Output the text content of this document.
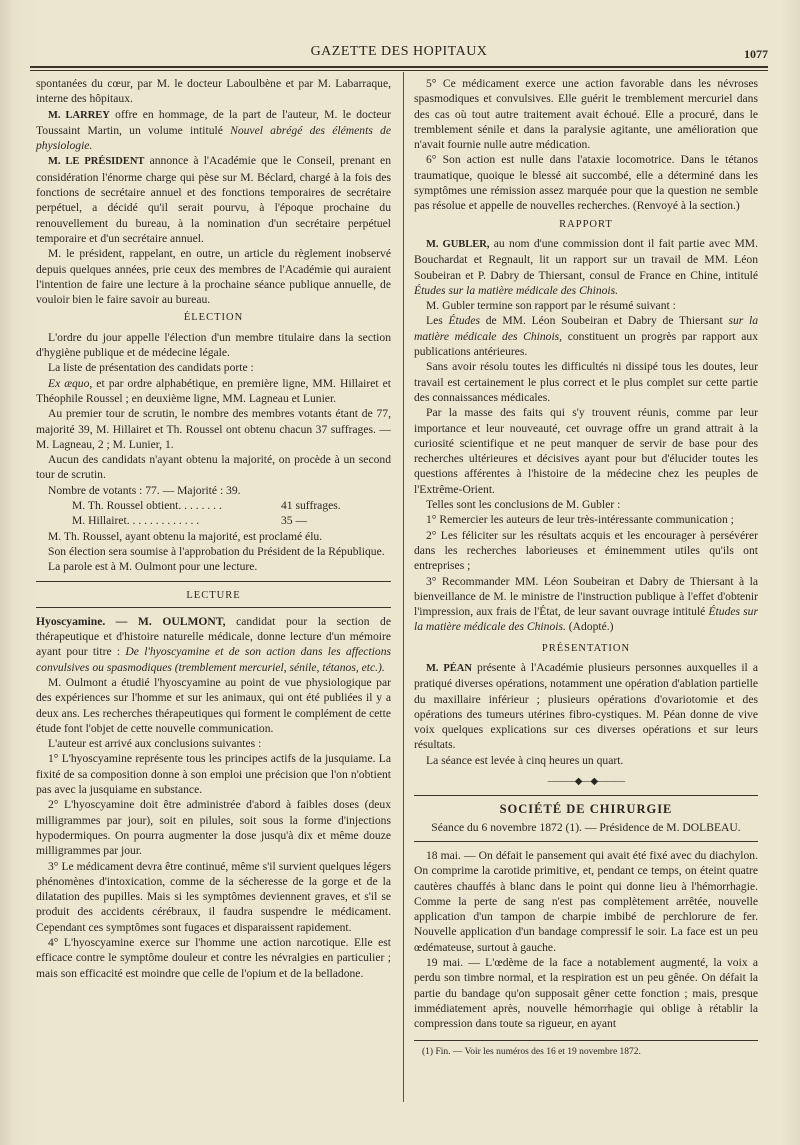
GAZETTE DES HOPITAUX	1077

spontanées du cœur, par M. le docteur Laboulbène et par M. Labarraque, interne des hôpitaux.

M. LARREY offre en hommage, de la part de l'auteur, M. le docteur Toussaint Martin, un volume intitulé Nouvel abrégé des éléments de physiologie.

M. LE PRÉSIDENT annonce à l'Académie que le Conseil, prenant en considération l'énorme charge qui pèse sur M. Béclard, chargé à la fois des fonctions de secrétaire annuel et des fonctions temporaires de secrétaire perpétuel, a décidé qu'il serait pourvu, à l'époque prochaine du renouvellement du bureau, à la nomination d'un secrétaire perpétuel temporaire et d'un secrétaire annuel.

M. le président, rappelant, en outre, un article du règlement inobservé depuis quelques années, prie ceux des membres de l'Académie qui auraient l'intention de faire une lecture à la prochaine séance publique annuelle, de vouloir bien le faire savoir au bureau.

ÉLECTION

L'ordre du jour appelle l'élection d'un membre titulaire dans la section d'hygiène publique et de médecine légale.

La liste de présentation des candidats porte :

Ex æquo, et par ordre alphabétique, en première ligne, MM. Hillairet et Théophile Roussel ; en deuxième ligne, MM. Lagneau et Lunier.

Au premier tour de scrutin, le nombre des membres votants étant de 77, majorité 39, M. Hillairet et Th. Roussel ont obtenu chacun 37 suffrages. — M. Lagneau, 2 ; M. Lunier, 1.

Aucun des candidats n'ayant obtenu la majorité, on procède à un second tour de scrutin.

Nombre de votants : 77. — Majorité : 39.

M. Th. Roussel obtient. . . . . . . .	41 suffrages.
M. Hillairet. . . . . . . . . . . . .	35 —

M. Th. Roussel, ayant obtenu la majorité, est proclamé élu.

Son élection sera soumise à l'approbation du Président de la République.

La parole est à M. Oulmont pour une lecture.

LECTURE

Hyoscyamine. — M. OULMONT, candidat pour la section de thérapeutique et d'histoire naturelle médicale, donne lecture d'un mémoire ayant pour titre : De l'hyoscyamine et de son action dans les affections convulsives ou spasmodiques (tremblement mercuriel, sénile, tétanos, etc.).

M. Oulmont a étudié l'hyoscyamine au point de vue physiologique par des expériences sur l'homme et sur les animaux, qui ont été publiées il y a deux ans. Les recherches thérapeutiques qui forment le complément de cette étude font l'objet de cette nouvelle communication.

L'auteur est arrivé aux conclusions suivantes :

1° L'hyoscyamine représente tous les principes actifs de la jusquiame. La fixité de sa composition donne à son emploi une précision que l'on n'obtient pas avec la jusquiame en substance.

2° L'hyoscyamine doit être administrée d'abord à faibles doses (deux milligrammes par jour), soit en pilules, soit sous la forme d'injections hypodermiques. On pourra augmenter la dose jusqu'à dix et même douze milligrammes par jour.

3° Le médicament devra être continué, même s'il survient quelques légers phénomènes d'intoxication, comme de la sécheresse de la gorge et de la dilatation des pupilles. Mais si les symptômes deviennent graves, et s'il se produit des accidents cérébraux, il faudra suspendre le médicament. Cependant ces symptômes sont fugaces et disparaissent rapidement.

4° L'hyoscyamine exerce sur l'homme une action narcotique. Elle est efficace contre le symptôme douleur et contre les névralgies en particulier ; mais son efficacité est moindre que celle de l'opium et de la belladone.

5° Ce médicament exerce une action favorable dans les névroses spasmodiques et convulsives. Elle guérit le tremblement mercuriel dans des cas où tout autre traitement avait échoué. Elle a procuré, dans le tremblement sénile et dans la paralysie agitante, une amélioration que n'avait fournie nulle autre médication.

6° Son action est nulle dans l'ataxie locomotrice. Dans le tétanos traumatique, quoique le blessé ait succombé, elle a déterminé dans les symptômes une rémission assez marquée pour que la question ne semble pas résolue et appelle de nouvelles recherches. (Renvoyé à la section.)

RAPPORT

M. GUBLER, au nom d'une commission dont il fait partie avec MM. Bouchardat et Regnault, lit un rapport sur un travail de MM. Léon Soubeiran et P. Dabry de Thiersant, consul de France en Chine, intitulé Études sur la matière médicale des Chinois.

M. Gubler termine son rapport par le résumé suivant :

Les Études de MM. Léon Soubeiran et Dabry de Thiersant sur la matière médicale des Chinois, constituent un progrès par rapport aux publications antérieures.

Sans avoir résolu toutes les difficultés ni dissipé tous les doutes, leur travail est certainement le plus correct et le plus complet sur cette partie des connaissances médicales.

Par la masse des faits qui s'y trouvent réunis, comme par leur importance et leur nouveauté, cet ouvrage offre un grand attrait à la curiosité scientifique et ne peut manquer de servir de base pour des recherches ultérieures et décisives ayant pour but d'élucider toutes les questions afférentes à l'histoire de la médecine chez les peuples de l'Extrême-Orient.

Telles sont les conclusions de M. Gubler :

1° Remercier les auteurs de leur très-intéressante communication ;

2° Les féliciter sur les résultats acquis et les encourager à persévérer dans les recherches laborieuses et éminemment utiles qu'ils ont entreprises ;

3° Recommander MM. Léon Soubeiran et Dabry de Thiersant à la bienveillance de M. le ministre de l'instruction publique à l'effet d'obtenir l'impression, aux frais de l'État, de leur savant ouvrage intitulé Études sur la matière médicale des Chinois. (Adopté.)

PRÉSENTATION

M. PÉAN présente à l'Académie plusieurs personnes auxquelles il a pratiqué diverses opérations, notamment une opération d'ablation partielle du maxillaire inférieur ; plusieurs opérations d'ovariotomie et des opérations des tumeurs utérines fibro-cystiques. M. Péan donne de vive voix quelques explications sur ces diverses opérations et sur leurs résultats.

La séance est levée à cinq heures un quart.

———◆—◆———
SOCIÉTÉ DE CHIRURGIE
Séance du 6 novembre 1872 (1). — Présidence de M. DOLBEAU.

18 mai. — On défait le pansement qui avait été fixé avec du diachylon. On comprime la carotide primitive, et, pendant ce temps, on éteint quatre cautères chauffés à blanc dans le point qui donne lieu à l'hémorrhagie. Comme la perte de sang n'est pas complètement arrêtée, nouvelle application d'un tampon de charpie imbibé de perchlorure de fer. Nouvelle application d'un bandage compressif le soir. La face est un peu œdémateuse, surtout à gauche.

19 mai. — L'œdème de la face a notablement augmenté, la voix a perdu son timbre normal, et la respiration est un peu gênée. On défait la partie du bandage qu'on supposait gêner cette fonction ; mais, presque immédiatement après, nouvelle hémorrhagie qui oblige à rétablir la compression dans toute sa rigueur, en ayant

(1) Fin. — Voir les numéros des 16 et 19 novembre 1872.
